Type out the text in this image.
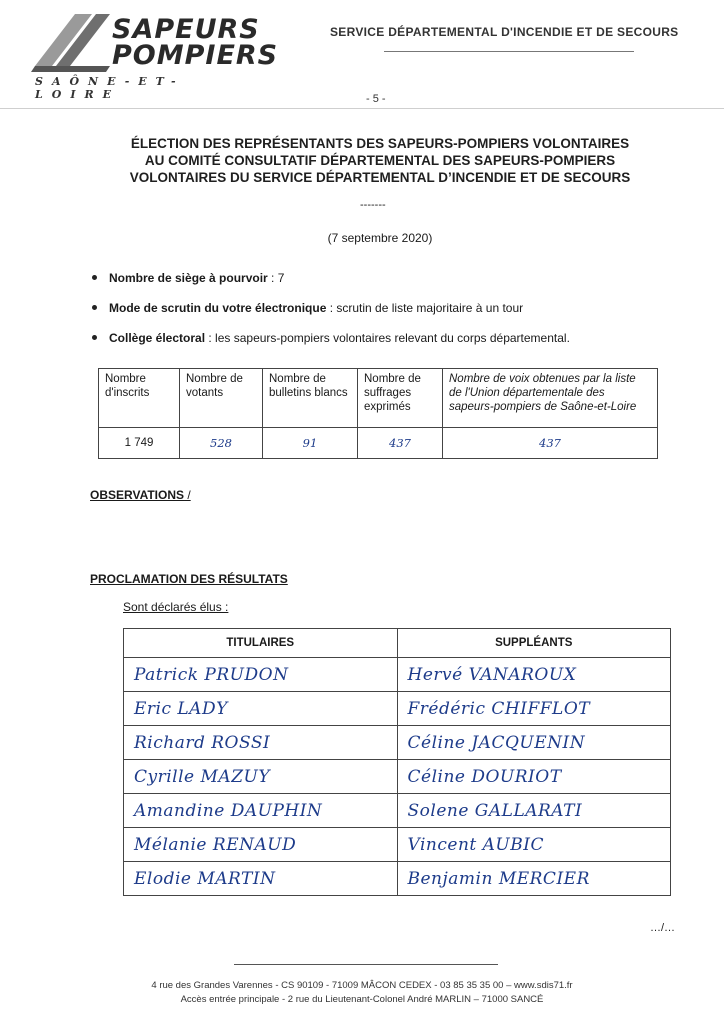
SAPEURS
POMPIERS
SAÔNE-ET-LOIRE
SERVICE DÉPARTEMENTAL D'INCENDIE ET DE SECOURS
- 5 -
ÉLECTION DES REPRÉSENTANTS DES SAPEURS-POMPIERS VOLONTAIRES
AU COMITÉ CONSULTATIF DÉPARTEMENTAL DES SAPEURS-POMPIERS
VOLONTAIRES DU SERVICE DÉPARTEMENTAL D’INCENDIE ET DE SECOURS
-------
(7 septembre 2020)
Nombre de siège à pourvoir : 7
Mode de scrutin du votre électronique : scrutin de liste majoritaire à un tour
Collège électoral : les sapeurs-pompiers volontaires relevant du corps départemental.
Nombre d'inscrits	Nombre de votants	Nombre de bulletins blancs	Nombre de suffrages exprimés	Nombre de voix obtenues par la liste de l'Union départementale des sapeurs-pompiers de Saône-et-Loire
1 749	528	91	437	437
OBSERVATIONS /
PROCLAMATION DES RÉSULTATS
Sont déclarés élus :
TITULAIRES	SUPPLÉANTS
Patrick PRUDON	Hervé VANAROUX
Eric LADY	Frédéric CHIFFLOT
Richard ROSSI	Céline JACQUENIN
Cyrille MAZUY	Céline DOURIOT
Amandine DAUPHIN	Solene GALLARATI
Mélanie RENAUD	Vincent AUBIC
Elodie MARTIN	Benjamin MERCIER
…/…
4 rue des Grandes Varennes - CS 90109 - 71009 MÂCON CEDEX - 03 85 35 35 00 – www.sdis71.fr
Accès entrée principale - 2 rue du Lieutenant-Colonel André MARLIN – 71000 SANCÉ
